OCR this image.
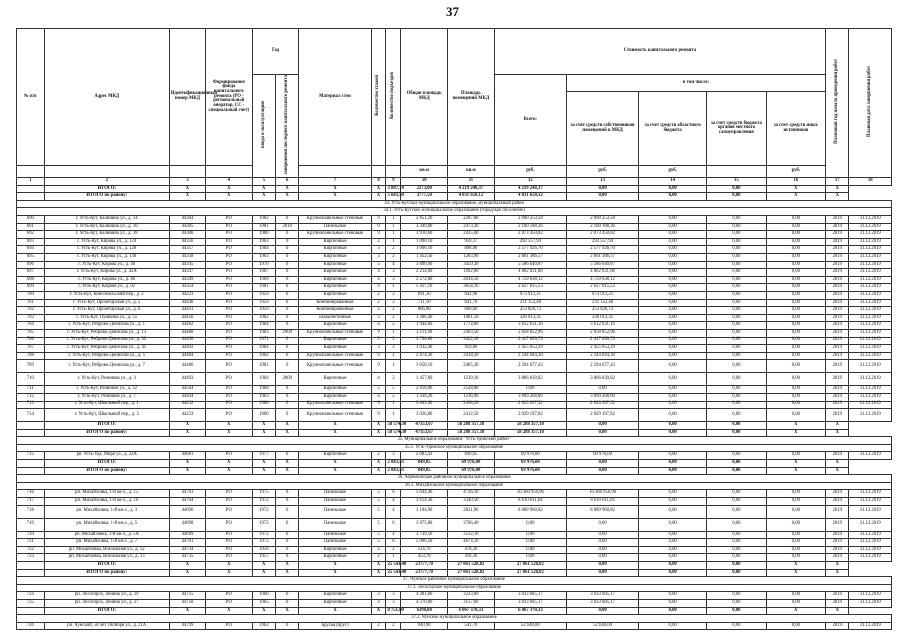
37
№ п/п	Адрес МКД	Идентификационный номер МКД	Формирование фонда капитального ремонта (РО - региональный оператор, СС - специальный счет)	Год		Материал стен	Количество этажей	Количество подъездов	Общая площадь МКД	Площадь помещений МКД	Стоимость капитального ремонта					Плановый год начала проведения работ	Плановая дата завершения работ
				ввода в эксплуатацию	завершения последнего капитального ремонта						Всего:	в том числе:					
												за счет средств собственников помещений в МКД	за счет средств областного бюджета	за счет средств бюджета органов местного самоуправления	за счет средств иных источников		
									кв.м	кв.м	руб.	руб.	руб.		руб.		
1	2	3	4	5	6	7	8	9	10	11	12	13	14	15	16	17	18
	ИТОГО:	X	X	X	X	X	X	3 887,70	2273,00	4 219 248,37	4 219 248,37	0,00	0,00	0,00	X	X	
	ИТОГО по району:	X	X	X	X	X	X	5 683,50	3777,50	4 831 650,12	4 831 650,12	0,00	0,00	0,00	X	X	
34. Усть-Кутское муниципальное образование, муниципальный район																	
34.1. Усть-Кутское муниципальное образование (городское поселение)																	
690	г. Усть-Кут, Калинина ул., д. 14	44304	РО	1982	0	Крупнопанельные стеновые	9	1	2 851,20	2287,80	2 090 253,58	2 090 253,58	0,00	0,00	0,00	2019	31.12.2019
691	г. Усть-Кут, Калинина ул., д. 16	44305	РО	1981	2010	Панельные	9	1	3 349,80	2473,30	2 100 188,36	2 100 188,36	0,00	0,00	0,00	2019	31.12.2019
692	г. Усть-Кут, Калинина ул., д. 18	44306	РО	1980	0	Крупнопанельные стеновые	9	1	3 918,60	2435,60	2 073 450,82	2 073 450,82	0,00	0,00	0,00	2019	31.12.2019
693	г. Усть-Кут, Кирова ул., д. 124	44356	РО	1963	0	Кирпичные	2	1	1 090,10	959,37	292 557,94	292 557,94	0,00	0,00	0,00	2019	31.12.2019
694	г. Усть-Кут, Кирова ул., д. 128	44357	РО	1964	0	Кирпичные	3	2	1 066,10	898,80	2 577 926,70	2 577 926,70	0,00	0,00	0,00	2019	31.12.2019
695	г. Усть-Кут, Кирова ул., д. 130	44358	РО	1963	0	Кирпичные	3	2	1 452,50	1283,90	2 661 386,57	2 661 386,57	0,00	0,00	0,00	2019	31.12.2019
696	г. Усть-Кут, Кирова ул., д. 40	44345	РО	1970	0	Кирпичные	5	4	3 890,90	3459,30	5 586 640,87	5 586 640,87	0,00	0,00	0,00	2019	31.12.2019
697	г. Усть-Кут, Кирова ул., д. 42А	44347	РО	1967	0	Кирпичные	4	3	2 214,00	1992,00	4 802 031,88	4 802 031,88	0,00	0,00	0,00	2019	31.12.2019
698	г. Усть-Кут, Кирова ул., д. 46	44349	РО	1969	0	Кирпичные	4	3	2 272,60	2034,50	4 759 638,12	4 759 638,12	0,00	0,00	0,00	2019	31.12.2019
699	г. Усть-Кут, Кирова ул., д. 92	44354	РО	1981	0	Кирпичные	9	1	5 417,10	3654,10	2 627 015,53	2 627 015,53	0,00	0,00	0,00	2019	31.12.2019
700	г. Усть-Кут, Комсомольский пер., д. 2	44223	РО	1959	0	Кирпичные	2	2	691,20	642,90	973 913,21	973 913,21	0,00	0,00	0,00	2019	31.12.2019
701	г. Усть-Кут, Пролетарская ул., д. 5	44440	РО	1959	0	Комбинированные	2	2	711,10	641,70	231 152,48	231 152,48	0,00	0,00	0,00	2019	31.12.2019
702	г. Усть-Кут, Пролетарская ул., д. 6	44441	РО	1959	0	Комбинированные	2	2	866,90	690,60	253 820,73	253 820,73	0,00	0,00	0,00	2019	31.12.2019
703	г. Усть-Кут, Пушкина ул., д. 55	44456	РО	1962	0	шлакобетонные	3	2	1 306,40	1081,50	336 013,31	336 013,31	0,00	0,00	0,00	2019	31.12.2019
704	г. Усть-Кут, Реброво-Денисова ул., д. 1	44482	РО	1964	0	Кирпичные	4	2	1 944,60	1774,00	3 612 631,16	3 612 631,16	0,00	0,00	0,00	2019	31.12.2019
705	г. Усть-Кут, Реброво-Денисова ул., д. 13	44488	РО	1983	2009	Крупнопанельные стеновые	9	1	3 111,90	2493,50	2 058 852,96	2 058 852,96	0,00	0,00	0,00	2019	31.12.2019
706	г. Усть-Кут, Реброво-Денисова ул., д. 33	44490	РО	1971	0	Кирпичные	5	3	3 796,60	3422,10	2 417 699,79	2 417 699,79	0,00	0,00	0,00	2019	31.12.2019
707	г. Усть-Кут, Реброво-Денисова ул., д. 41	44492	РО	1964	0	Кирпичные	3	2	1 032,40	959,80	2 455 053,29	2 455 053,29	0,00	0,00	0,00	2019	31.12.2019
708	г. Усть-Кут, Реброво-Денисова ул., д. 5	44484	РО	1982	0	Крупнопанельные стеновые	9	1	2 874,30	2418,30	2 244 044,30	2 244 044,30	0,00	0,00	0,00	2019	31.12.2019
709	г. Усть-Кут, Реброво-Денисова ул., д. 7	44486	РО	1981	0	Крупнопанельные стеновые	9	1	3 058,10	2405,30	2 294 677,43	2 294 677,43	0,00	0,00	0,00	2019	31.12.2019
710	г. Усть-Кут, Речников ул., д. 3	44493	РО	1964	2009	Кирпичные	4	2	1 457,60	1239,10	3 866 039,82	3 866 039,82	0,00	0,00	0,00	2019	31.12.2019
711	г. Усть-Кут, Речников ул., д. 32	44504	РО	1968	0	Кирпичные	5	5	2 818,80	2528,80	0,00	0,00	0,00	0,00	0,00	2019	31.12.2019
712	г. Усть-Кут, Речников ул., д. 7	44494	РО	1963	0	Кирпичные	4	2	1 438,20	1236,90	3 899 208,80	3 899 208,80	0,00	0,00	0,00	2019	31.12.2019
713	г. Усть-Кут, Школьный пер., д. 1	44232	РО	1980	0	Крупнопанельные стеновые	9	1	3 063,90	2498,20	2 023 997,52	2 023 997,52	0,00	0,00	0,00	2019	31.12.2019
714	г. Усть-Кут, Школьный пер., д. 3	44233	РО	1980	0	Крупнопанельные стеновые	9	1	3 026,80	2412,50	2 029 197,82	2 029 197,82	0,00	0,00	0,00	2019	31.12.2019
	ИТОГО:	X	X	X	X	X	X	58 574,30	47353,67	58 288 357,18	58 288 357,18	0,00	0,00	0,00	X	X	
	ИТОГО по району:	X	X	X	X	X	X	58 574,30	47353,67	58 288 357,18	58 288 357,18	0,00	0,00	0,00	X	X	
35. Муниципальное образование "Усть-Удинский район"																	
35.1. Усть-Удинское муниципальное образование																	
715	рп. Усть-Уда, Мира ул., д. 22А	44681	РО	1977	0	Кирпичные	2	3	2 083,43	849,05	69 976,00	69 976,00	0,00	0,00	0,00	2019	31.12.2019
	ИТОГО:	X	X	X	X	X	X	2 083,43	849,05	69 976,00	69 976,00	0,00	0,00	0,00	X	X	
	ИТОГО по району:	X	X	X	X	X	X	2 083,43	849,05	69 976,00	69 976,00	0,00	0,00	0,00	X	X	
36. Черемховское районное муниципальное образование																	
36.1. Михайловское муниципальное образование																	
716	рп. Михайловка, 1-й кв-л., д. 15	44703	РО	1975	0	Панельные	5	6	5 044,40	4736,10	10 360 956,96	10 360 956,96	0,00	0,00	0,00	2019	31.12.2019
717	рп. Михайловка, 1-й кв-л., д. 16	44704	РО	1972	0	Панельные	5	4	3 614,30	3340,50	8 610 611,04	8 610 611,04	0,00	0,00	0,00	2019	31.12.2019
718	рп. Михайловка, 1-й кв-л., д. 3	44696	РО	1972	0	Панельные	5	4	3 104,90	2831,90	8 089 960,82	8 089 960,82	0,00	0,00	0,00	2019	31.12.2019
719	рп. Михайловка, 1-й кв-л., д. 5	44698	РО	1972	0	Панельные	5	6	3 975,80	3766,40	0,00	0,00	0,00	0,00	0,00	2019	31.12.2019
720	рп. Михайловка, 1-й кв-л., д. 5А	44699	РО	1972	0	Панельные	5	4	3 739,10	3532,10	0,00	0,00	0,00	0,00	0,00	2019	31.12.2019
721	рп. Михайловка, 1-й кв-л., д. 7	44701	РО	1973	0	Панельные	5	6	5 096,50	4674,10	0,00	0,00	0,00	0,00	0,00	2019	31.12.2019
722	рп. Михайловка, Вокзальная ул., д. 12	44734	РО	1958	0	Кирпичные	2	2	514,70	478,30	0,00	0,00	0,00	0,00	0,00	2019	31.12.2019
723	рп. Михайловка, Вокзальная ул., д. 13	44735	РО	1957	0	Кирпичные	2	1	453,70	418,30	0,00	0,00	0,00	0,00	0,00	2019	31.12.2019
	ИТОГО:	X	X	X	X	X	X	25 543,40	23777,70	27 061 528,82	27 061 528,82	0,00	0,00	0,00	X	X	
	ИТОГО по району:	X	X	X	X	X	X	25 543,40	23777,70	27 061 528,82	27 061 528,82	0,00	0,00	0,00	X	X	
37. Чунское районное муниципальное образование																	
37.1. Лесогорское муниципальное образование																	
724	рп. Лесогорск, Ленина ул., д. 19	44755	РО	1960	0	Кирпичные	3	3	4 381,00	3233,00	3 033 685,17	3 033 685,17	0,00	0,00	0,00	2019	31.12.2019
725	рп. Лесогорск, Ленина ул., д. 27	44758	РО	1965	0	Кирпичные	4	3	4 370,00	3157,80	3 033 685,17	3 033 685,17	0,00	0,00	0,00	2019	31.12.2019
	ИТОГО:	X	X	X	X	X	X	8 751,00	6390,80	6 067 370,33	6 067 370,33	0,00	0,00	0,00	X	X	
37.2. Чунское муниципальное образование																	
726	рп. Чунский, 50 лет Октября ул., д. 21А	44799	РО	1962	0	Брусья (брус)	2	2	940,90	541,70	52 640,00	52 640,00	0,00	0,00	0,00	2019	31.12.2019
